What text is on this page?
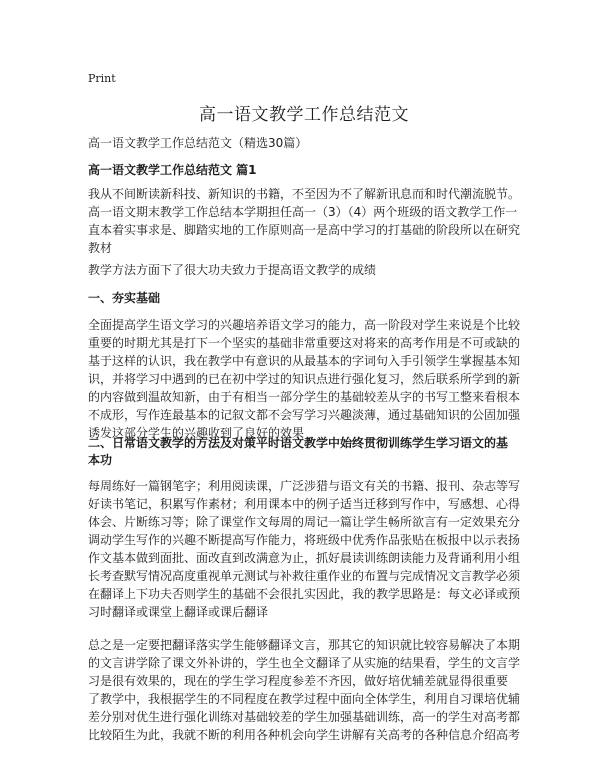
Print
高一语文教学工作总结范文

高一语文教学工作总结范文（精选30篇）

高一语文教学工作总结范文 篇1
我从不间断读新科技、新知识的书籍，不至因为不了解新讯息而和时代潮流脱节。
高一语文期末教学工作总结本学期担任高一（3）（4）两个班级的语文教学工作一
直本着实事求是、脚踏实地的工作原则高一是高中学习的打基础的阶段所以在研究
教材

教学方法方面下了很大功夫致力于提高语文教学的成绩

一、夯实基础
全面提高学生语文学习的兴趣培养语文学习的能力，高一阶段对学生来说是个比较
重要的时期尤其是打下一个坚实的基础非常重要这对将来的高考作用是不可或缺的
基于这样的认识，我在教学中有意识的从最基本的字词句入手引领学生掌握基本知
识，并将学习中遇到的已在初中学过的知识点进行强化复习，然后联系所学到的新
的内容做到温故知新，由于有相当一部分学生的基础较差从字的书写工整来看根本
不成形，写作连最基本的记叙文都不会写学习兴趣淡薄，通过基础知识的公固加强
诱发这部分学生的兴趣收到了良好的效果
二、日常语文教学的方法及对策平时语文教学中始终贯彻训练学生学习语文的基
本功
每周练好一篇钢笔字；利用阅读课，广泛涉猎与语文有关的书籍、报刊、杂志等写
好读书笔记，积累写作素材；利用课本中的例子适当迁移到写作中，写感想、心得
体会、片断练习等；除了课堂作文每周的周记一篇让学生畅所欲言有一定效果充分
调动学生写作的兴趣不断提高写作能力，将班级中优秀作品张贴在板报中以示表扬
作文基本做到面批、面改直到改满意为止，抓好晨读训练朗读能力及背诵利用小组
长考查默写情况高度重视单元测试与补救往重作业的布置与完成情况文言教学必须
在翻译上下功夫否则学生的基础不会很扎实因此，我的教学思路是：每文必译或预
习时翻译或课堂上翻译或课后翻译
总之是一定要把翻译落实学生能够翻译文言，那其它的知识就比较容易解决了本期
的文言讲学除了课文外补讲的，学生也全文翻译了从实施的结果看，学生的文言学
习是很有效果的，现在的学生学习程度参差不齐因，做好培优辅差就显得很重要
了教学中，我根据学生的不同程度在教学过程中面向全体学生，利用自习课培优辅
差分别对优生进行强化训练对基础较差的学生加强基础训练，高一的学生对高考都
比较陌生为此，我就不断的利用各种机会向学生讲解有关高考的各种信息介绍高考
